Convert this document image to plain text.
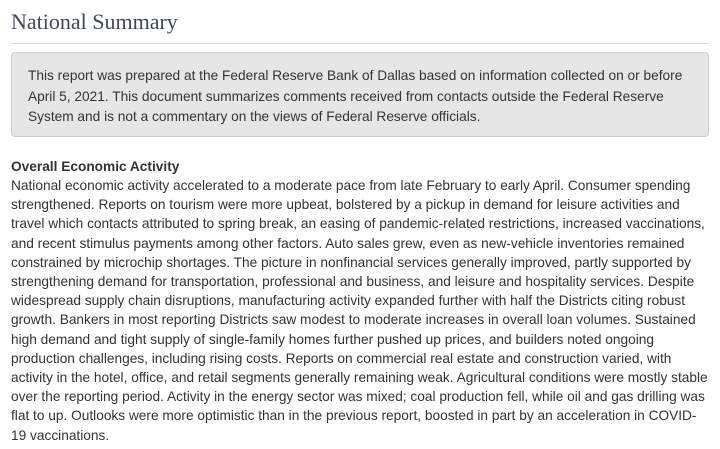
National Summary

This report was prepared at the Federal Reserve Bank of Dallas based on information collected on or before April 5, 2021. This document summarizes comments received from contacts outside the Federal Reserve System and is not a commentary on the views of Federal Reserve officials.

Overall Economic Activity

National economic activity accelerated to a moderate pace from late February to early April. Consumer spending strengthened. Reports on tourism were more upbeat, bolstered by a pickup in demand for leisure activities and travel which contacts attributed to spring break, an easing of pandemic-related restrictions, increased vaccinations, and recent stimulus payments among other factors. Auto sales grew, even as new-vehicle inventories remained constrained by microchip shortages. The picture in nonfinancial services generally improved, partly supported by strengthening demand for transportation, professional and business, and leisure and hospitality services. Despite widespread supply chain disruptions, manufacturing activity expanded further with half the Districts citing robust growth. Bankers in most reporting Districts saw modest to moderate increases in overall loan volumes. Sustained high demand and tight supply of single-family homes further pushed up prices, and builders noted ongoing production challenges, including rising costs. Reports on commercial real estate and construction varied, with activity in the hotel, office, and retail segments generally remaining weak. Agricultural conditions were mostly stable over the reporting period. Activity in the energy sector was mixed; coal production fell, while oil and gas drilling was flat to up. Outlooks were more optimistic than in the previous report, boosted in part by an acceleration in COVID-19 vaccinations.
